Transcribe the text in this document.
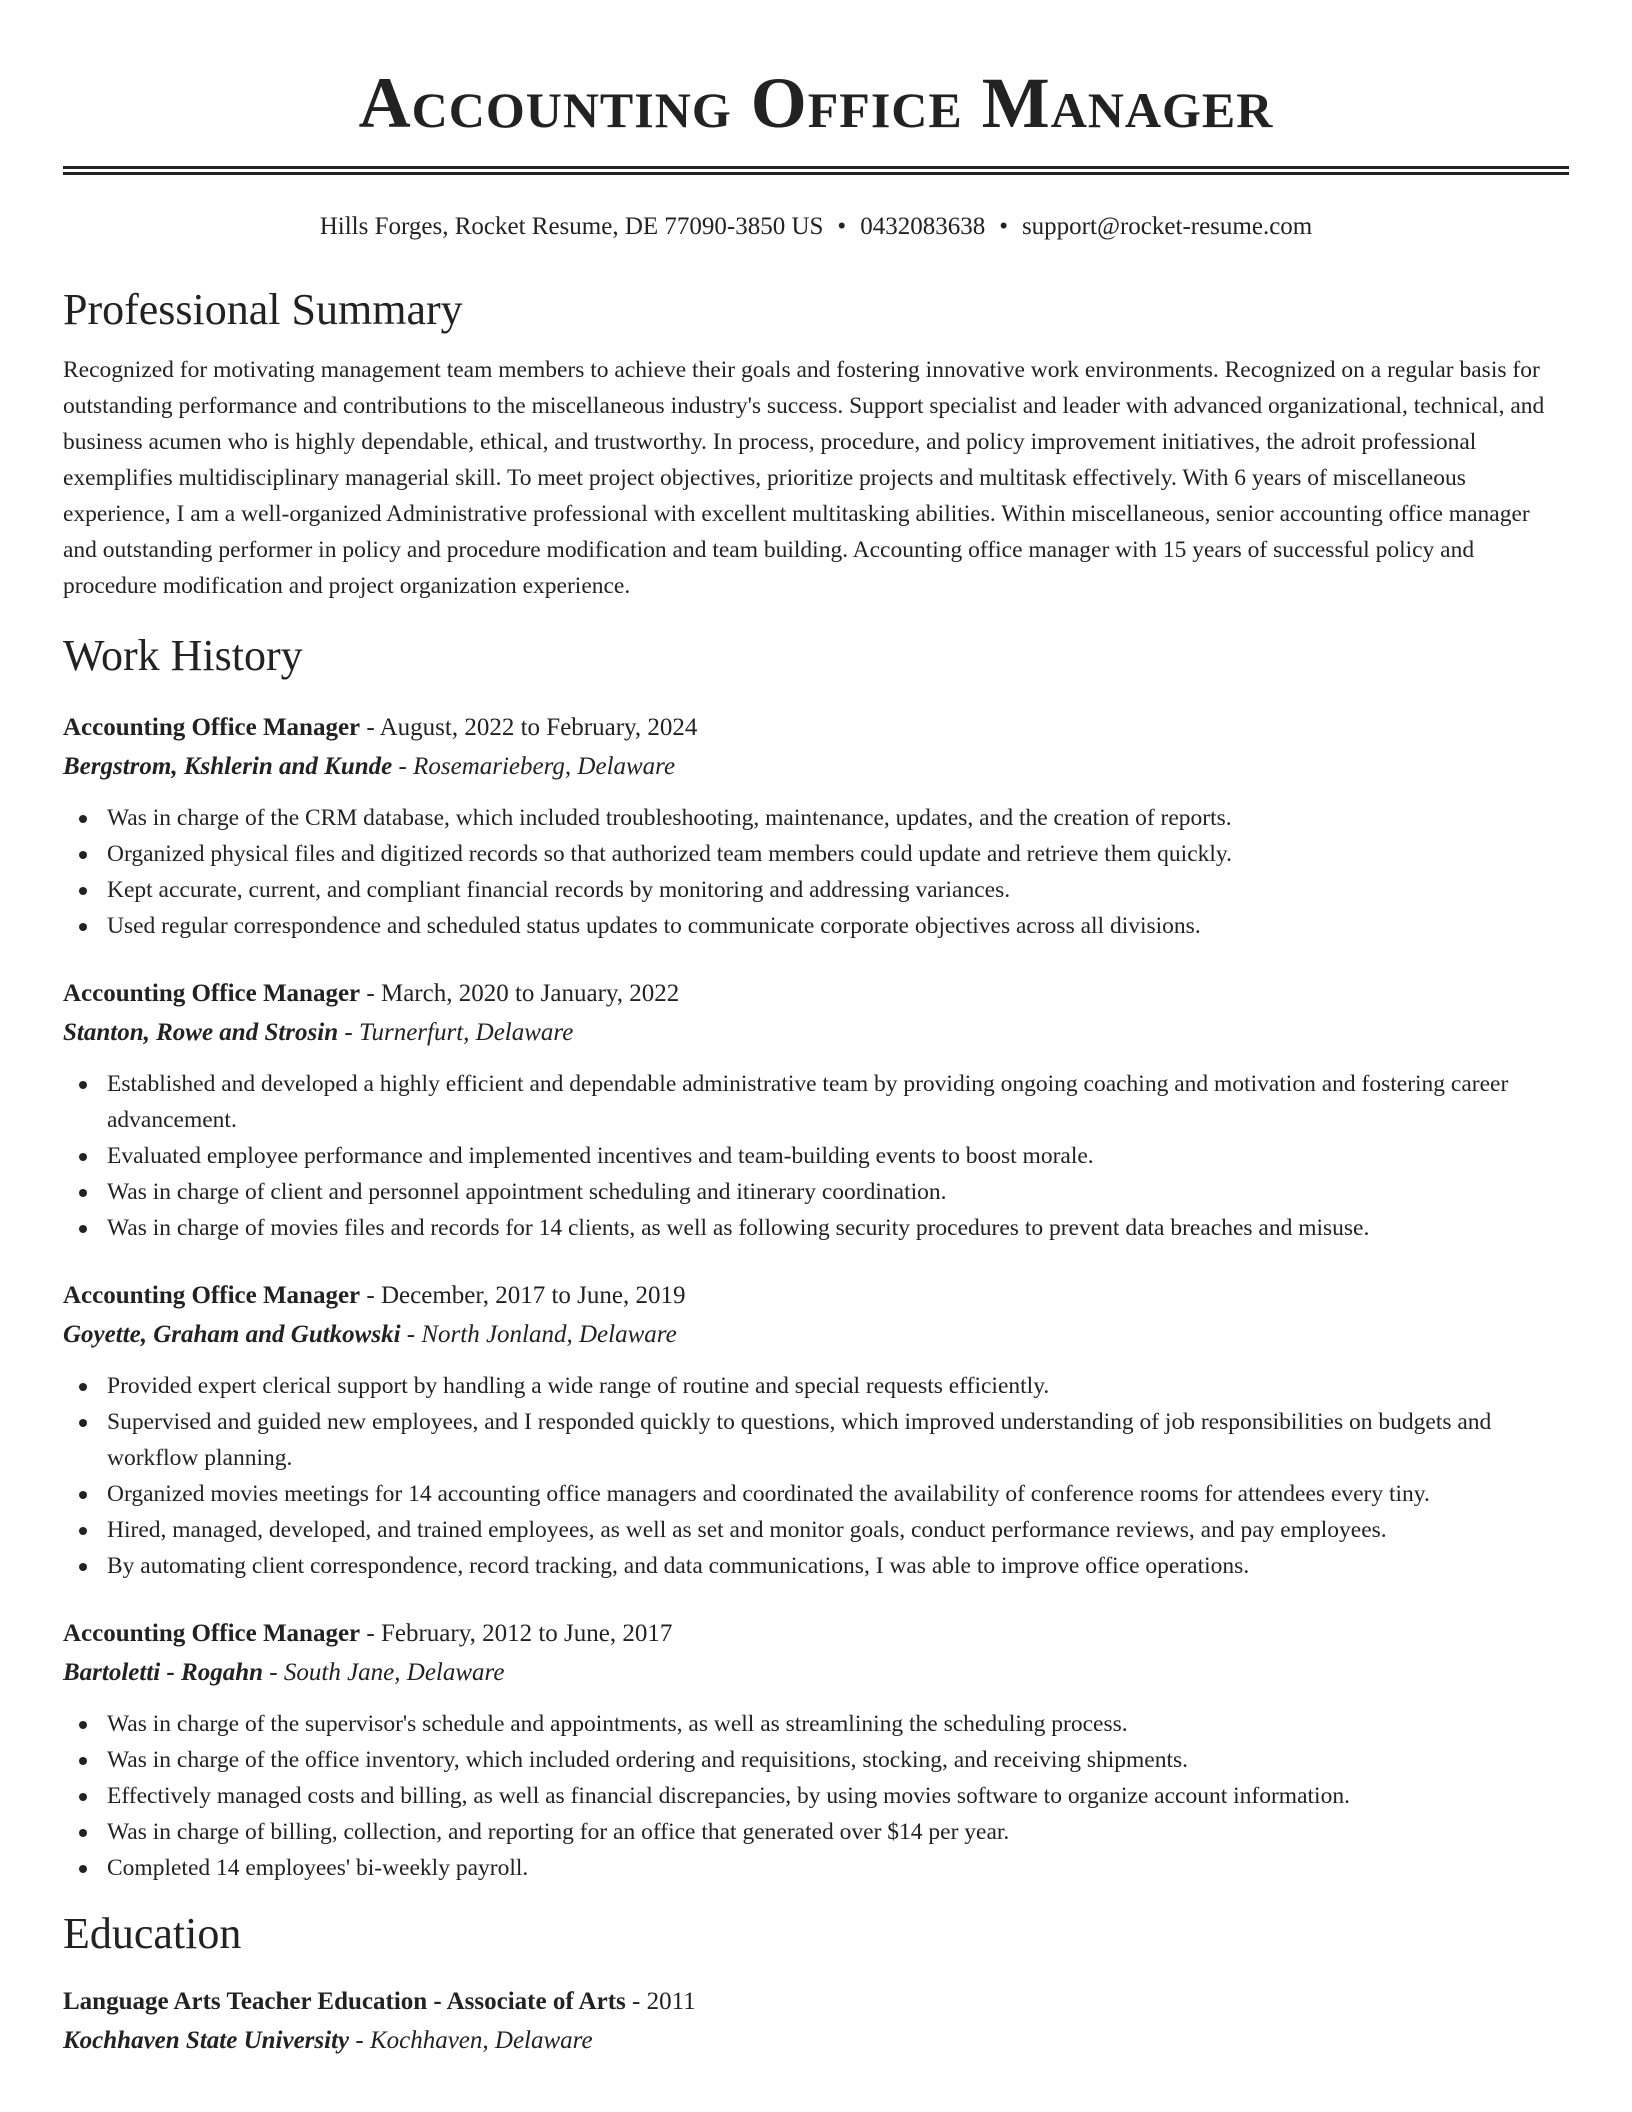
Accounting Office Manager
Hills Forges, Rocket Resume, DE 77090-3850 US • 0432083638 • support@rocket-resume.com
Professional Summary
Recognized for motivating management team members to achieve their goals and fostering innovative work environments. Recognized on a regular basis for outstanding performance and contributions to the miscellaneous industry's success. Support specialist and leader with advanced organizational, technical, and business acumen who is highly dependable, ethical, and trustworthy. In process, procedure, and policy improvement initiatives, the adroit professional exemplifies multidisciplinary managerial skill. To meet project objectives, prioritize projects and multitask effectively. With 6 years of miscellaneous experience, I am a well-organized Administrative professional with excellent multitasking abilities. Within miscellaneous, senior accounting office manager and outstanding performer in policy and procedure modification and team building. Accounting office manager with 15 years of successful policy and procedure modification and project organization experience.
Work History
Accounting Office Manager - August, 2022 to February, 2024
Bergstrom, Kshlerin and Kunde - Rosemarieberg, Delaware
Was in charge of the CRM database, which included troubleshooting, maintenance, updates, and the creation of reports.
Organized physical files and digitized records so that authorized team members could update and retrieve them quickly.
Kept accurate, current, and compliant financial records by monitoring and addressing variances.
Used regular correspondence and scheduled status updates to communicate corporate objectives across all divisions.
Accounting Office Manager - March, 2020 to January, 2022
Stanton, Rowe and Strosin - Turnerfurt, Delaware
Established and developed a highly efficient and dependable administrative team by providing ongoing coaching and motivation and fostering career advancement.
Evaluated employee performance and implemented incentives and team-building events to boost morale.
Was in charge of client and personnel appointment scheduling and itinerary coordination.
Was in charge of movies files and records for 14 clients, as well as following security procedures to prevent data breaches and misuse.
Accounting Office Manager - December, 2017 to June, 2019
Goyette, Graham and Gutkowski - North Jonland, Delaware
Provided expert clerical support by handling a wide range of routine and special requests efficiently.
Supervised and guided new employees, and I responded quickly to questions, which improved understanding of job responsibilities on budgets and workflow planning.
Organized movies meetings for 14 accounting office managers and coordinated the availability of conference rooms for attendees every tiny.
Hired, managed, developed, and trained employees, as well as set and monitor goals, conduct performance reviews, and pay employees.
By automating client correspondence, record tracking, and data communications, I was able to improve office operations.
Accounting Office Manager - February, 2012 to June, 2017
Bartoletti - Rogahn - South Jane, Delaware
Was in charge of the supervisor's schedule and appointments, as well as streamlining the scheduling process.
Was in charge of the office inventory, which included ordering and requisitions, stocking, and receiving shipments.
Effectively managed costs and billing, as well as financial discrepancies, by using movies software to organize account information.
Was in charge of billing, collection, and reporting for an office that generated over $14 per year.
Completed 14 employees' bi-weekly payroll.
Education
Language Arts Teacher Education - Associate of Arts - 2011
Kochhaven State University - Kochhaven, Delaware
